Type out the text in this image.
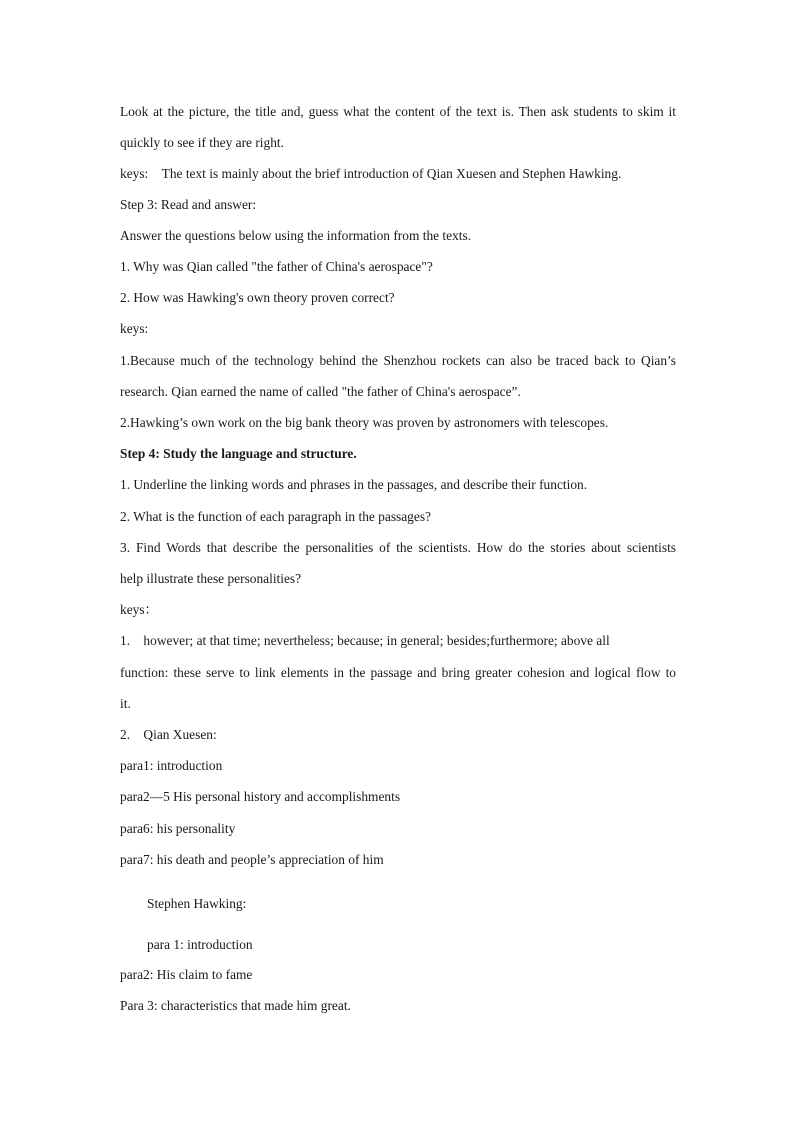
Look at the picture, the title and, guess what the content of the text is. Then ask students to skim it

quickly to see if they are right.

keys:    The text is mainly about the brief introduction of Qian Xuesen and Stephen Hawking.

Step 3: Read and answer:

Answer the questions below using the information from the texts.

1. Why was Qian called "the father of China's aerospace"?

2. How was Hawking's own theory proven correct?

keys:

1.Because much of the technology behind the Shenzhou rockets can also be traced back to Qian’s

research. Qian earned the name of called "the father of China's aerospace”.

2.Hawking’s own work on the big bank theory was proven by astronomers with telescopes.

Step 4: Study the language and structure.

1. Underline the linking words and phrases in the passages, and describe their function.

2. What is the function of each paragraph in the passages?

3. Find Words that describe the personalities of the scientists. How do the stories about scientists

help illustrate these personalities?

keys：

1.    however; at that time; nevertheless; because; in general; besides;furthermore; above all

function: these serve to link elements in the passage and bring greater cohesion and logical flow to

it.

2.    Qian Xuesen:

para1: introduction

para2—5 His personal history and accomplishments

para6: his personality

para7: his death and people’s appreciation of him

Stephen Hawking:

para 1: introduction

para2: His claim to fame

Para 3: characteristics that made him great.
